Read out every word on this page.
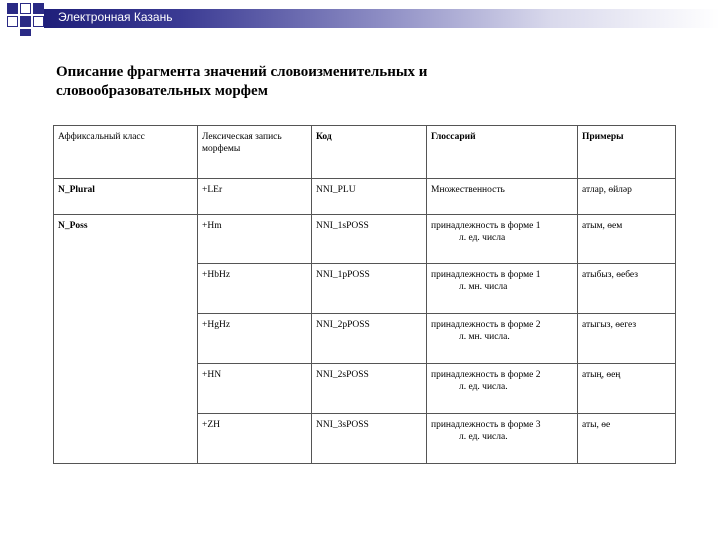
Электронная Казань
Описание фрагмента значений словоизменительных и
словообразовательных морфем
Аффиксальный класс	Лексическая запись морфемы	Код	Глоссарий	Примеры
N_Plural	+LEr	NNI_PLU	Множественность	атлар, өйләр
N_Poss	+Hm	NNI_1sPOSS	принадлежность в форме 1
л. ед. числа	атым, өем
	+HbHz	NNI_1pPOSS	принадлежность в форме 1
л. мн. числа	атыбыз, өебез
	+HgHz	NNI_2pPOSS	принадлежность в форме 2
л. мн. числа.	атыгыз, өегез
	+HN	NNI_2sPOSS	принадлежность в форме 2
л. ед. числа.	атың, өең
	+ZH	NNI_3sPOSS	принадлежность в форме 3
л. ед. числа.	аты, өе
